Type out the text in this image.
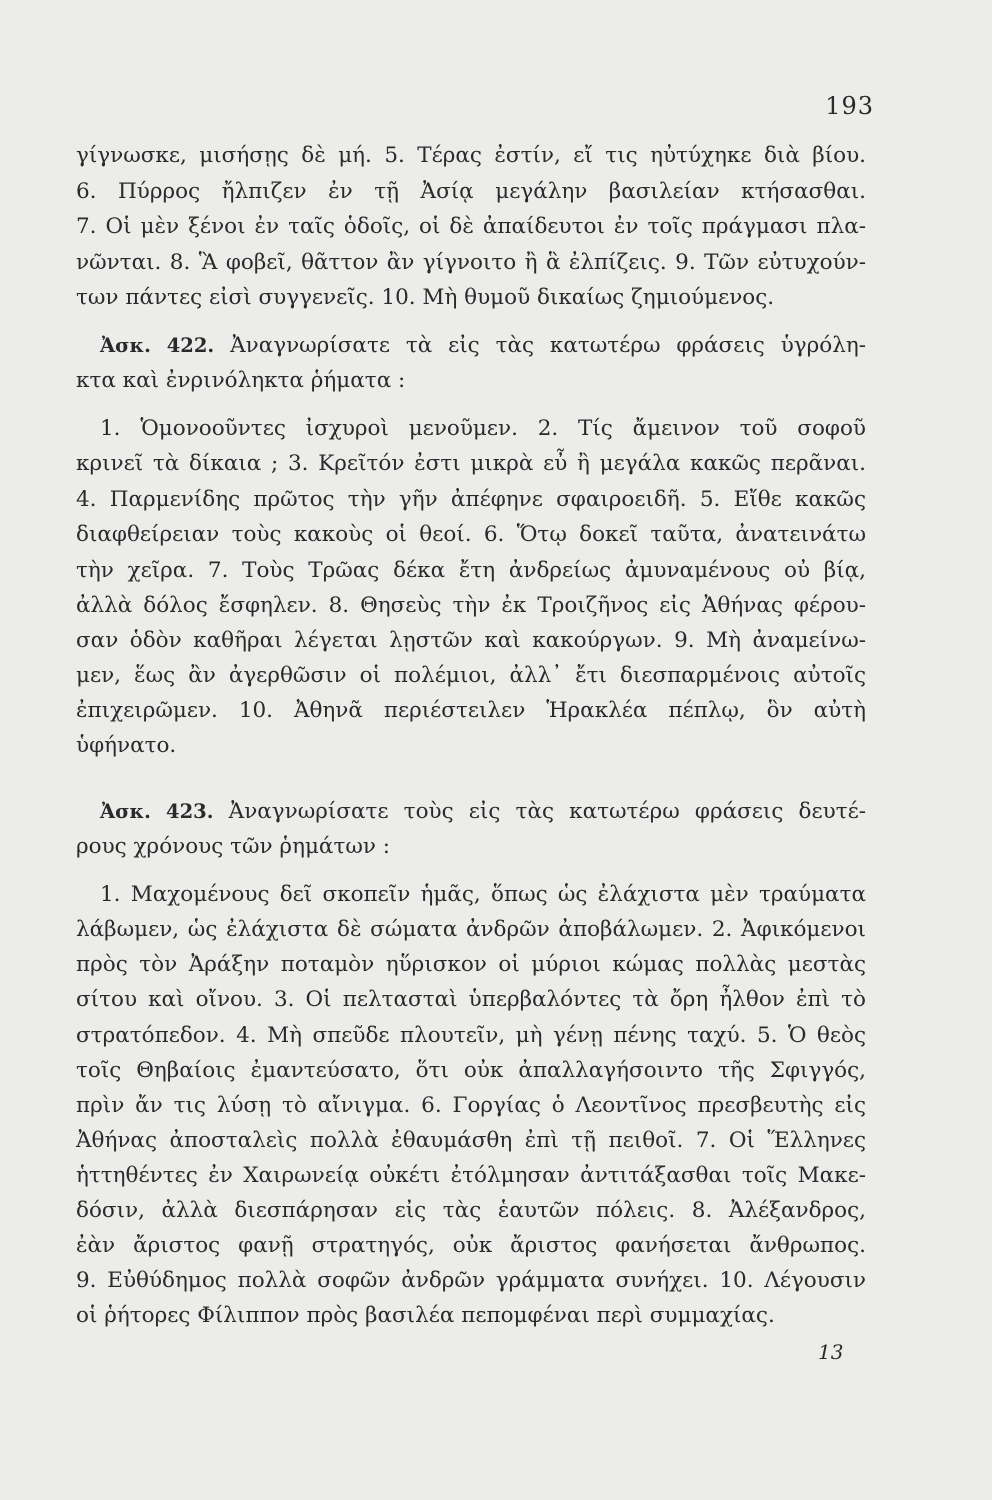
193
γίγνωσκε, μισήσῃς δὲ μή. 5. Τέρας ἐστίν, εἴ τις ηὐτύχηκε διὰ βίου.
6. Πύρρος ἤλπιζεν ἐν τῇ Ἀσίᾳ μεγάλην βασιλείαν κτήσασθαι.
7. Οἱ μὲν ξένοι ἐν ταῖς ὁδοῖς, οἱ δὲ ἀπαίδευτοι ἐν τοῖς πράγμασι πλα-
νῶνται. 8. Ἃ φοβεῖ, θᾶττον ἂν γίγνοιτο ἢ ἃ ἐλπίζεις. 9. Τῶν εὐτυχούν-
των πάντες εἰσὶ συγγενεῖς. 10. Μὴ θυμοῦ δικαίως ζημιούμενος.
Ἀσκ. 422. Ἀναγνωρίσατε τὰ εἰς τὰς κατωτέρω φράσεις ὑγρόλη-
κτα καὶ ἐνρινόληκτα ῥήματα :
1. Ὁμονοοῦντες ἰσχυροὶ μενοῦμεν. 2. Τίς ἄμεινον τοῦ σοφοῦ
κρινεῖ τὰ δίκαια ; 3. Κρεῖτόν ἐστι μικρὰ εὖ ἢ μεγάλα κακῶς περᾶναι.
4. Παρμενίδης πρῶτος τὴν γῆν ἀπέφηνε σφαιροειδῆ. 5. Εἴθε κακῶς
διαφθείρειαν τοὺς κακοὺς οἱ θεοί. 6. Ὅτῳ δοκεῖ ταῦτα, ἀνατεινάτω
τὴν χεῖρα. 7. Τοὺς Τρῶας δέκα ἔτη ἀνδρείως ἀμυναμένους οὐ βίᾳ,
ἀλλὰ δόλος ἔσφηλεν. 8. Θησεὺς τὴν ἐκ Τροιζῆνος εἰς Ἀθήνας φέρου-
σαν ὁδὸν καθῆραι λέγεται λῃστῶν καὶ κακούργων. 9. Μὴ ἀναμείνω-
μεν, ἕως ἂν ἀγερθῶσιν οἱ πολέμιοι, ἀλλ᾽ ἔτι διεσπαρμένοις αὐτοῖς
ἐπιχειρῶμεν. 10. Ἀθηνᾶ περιέστειλεν Ἡρακλέα πέπλῳ, ὃν αὐτὴ
ὑφήνατο.
Ἀσκ. 423. Ἀναγνωρίσατε τοὺς εἰς τὰς κατωτέρω φράσεις δευτέ-
ρους χρόνους τῶν ῥημάτων :
1. Μαχομένους δεῖ σκοπεῖν ἡμᾶς, ὅπως ὡς ἐλάχιστα μὲν τραύματα
λάβωμεν, ὡς ἐλάχιστα δὲ σώματα ἀνδρῶν ἀποβάλωμεν. 2. Ἀφικόμενοι
πρὸς τὸν Ἀράξην ποταμὸν ηὕρισκον οἱ μύριοι κώμας πολλὰς μεστὰς
σίτου καὶ οἴνου. 3. Οἱ πελτασταὶ ὑπερβαλόντες τὰ ὄρη ἦλθον ἐπὶ τὸ
στρατόπεδον. 4. Μὴ σπεῦδε πλουτεῖν, μὴ γένῃ πένης ταχύ. 5. Ὁ θεὸς
τοῖς Θηβαίοις ἐμαντεύσατο, ὅτι οὐκ ἀπαλλαγήσοιντο τῆς Σφιγγός,
πρὶν ἄν τις λύσῃ τὸ αἴνιγμα. 6. Γοργίας ὁ Λεοντῖνος πρεσβευτὴς εἰς
Ἀθήνας ἀποσταλεὶς πολλὰ ἐθαυμάσθη ἐπὶ τῇ πειθοῖ. 7. Οἱ Ἕλληνες
ἡττηθέντες ἐν Χαιρωνείᾳ οὐκέτι ἐτόλμησαν ἀντιτάξασθαι τοῖς Μακε-
δόσιν, ἀλλὰ διεσπάρησαν εἰς τὰς ἑαυτῶν πόλεις. 8. Ἀλέξανδρος,
ἐὰν ἄριστος φανῇ στρατηγός, οὐκ ἄριστος φανήσεται ἄνθρωπος.
9. Εὐθύδημος πολλὰ σοφῶν ἀνδρῶν γράμματα συνήχει. 10. Λέγουσιν
οἱ ῥήτορες Φίλιππον πρὸς βασιλέα πεπομφέναι περὶ συμμαχίας.
13
